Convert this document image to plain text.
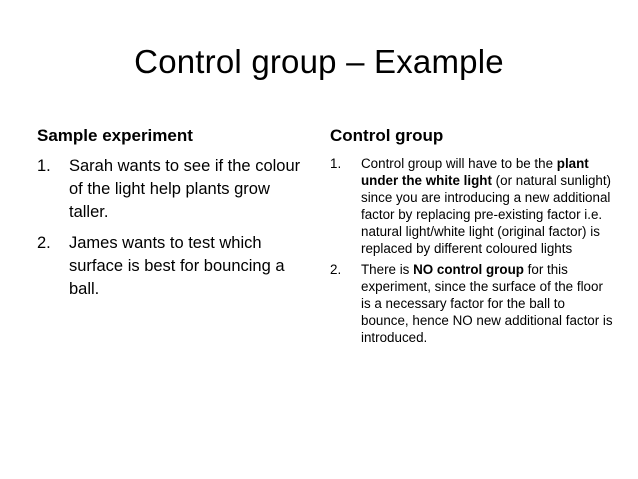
Control group – Example
Sample experiment	Control group
1. Sarah wants to see if the colour of the light help plants grow taller.
2. James wants to test which surface is best for bouncing a ball.
1. Control group will have to be the plant under the white light (or natural sunlight) since you are introducing a new additional factor by replacing pre-existing factor i.e. natural light/white light (original factor) is replaced by different coloured lights
2. There is NO control group for this experiment, since the surface of the floor is a necessary factor for the ball to bounce, hence NO new additional factor is introduced.
